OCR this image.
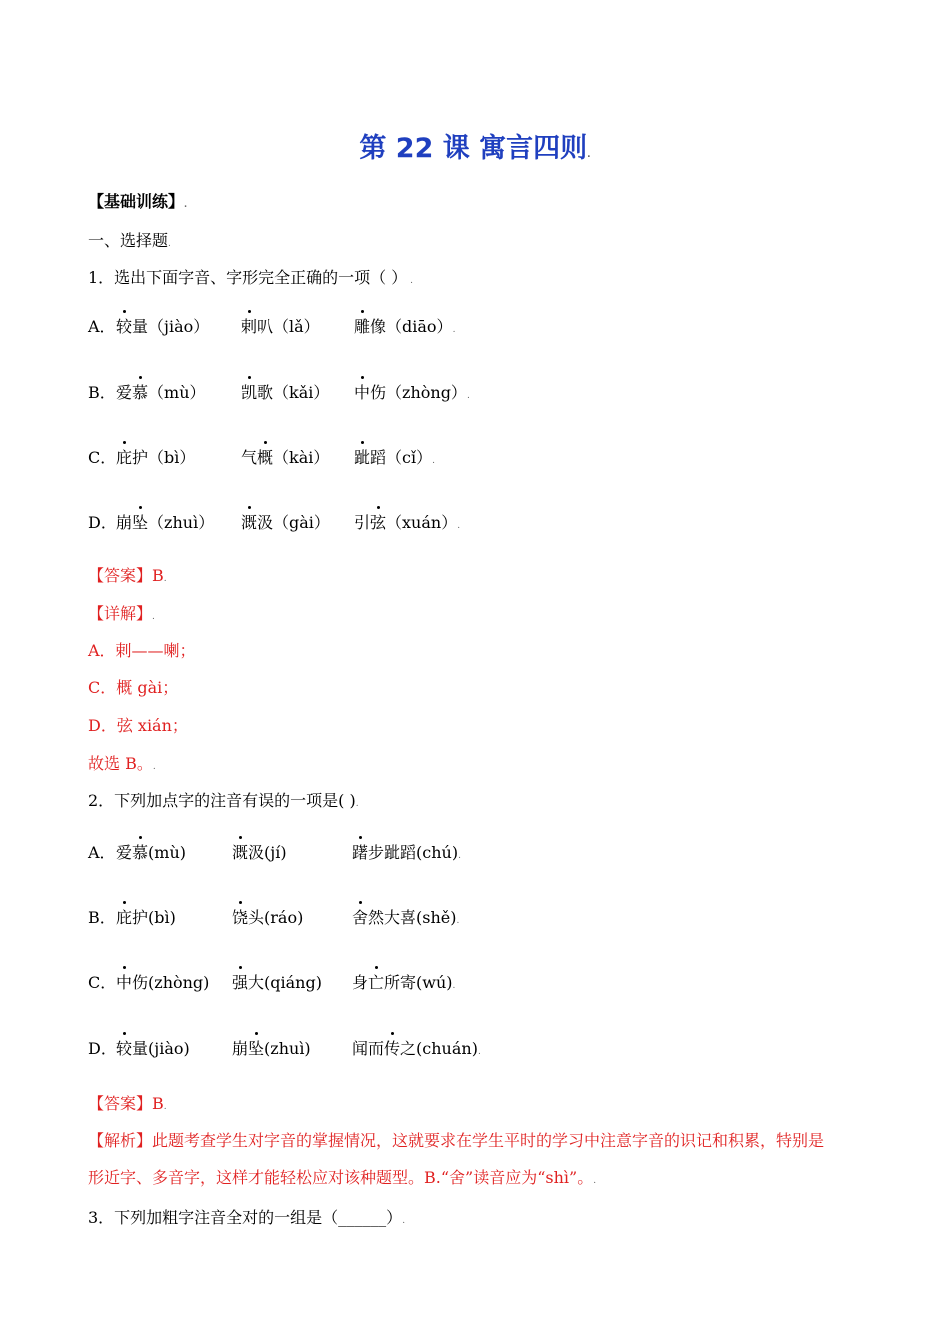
第 22 课 寓言四则.
【基础训练】.
一、选择题.
1．选出下面字音、字形完全正确的一项（ ） .
A． 较量（jiào） 剌叭（lǎ） 雕像（diāo）.
B． 爱慕（mù） 凯歌（kǎi） 中伤（zhòng）.
C． 庇护（bì）	气概（kài） 跐蹈（cǐ）.
D． 崩坠（zhuì） 溉汲（gài） 引弦（xuán）.
【答案】B.
【详解】.
A．剌——喇；
C．概 gài；
D．弦 xián；
故选 B。.
2．下列加点字的注音有误的一项是( ).
A． 爱慕(mù)	溉汲(jí)	躇步跐蹈(chú).
B． 庇护(bì)	饶头(ráo)	舍然大喜(shě).
C． 中伤(zhòng) 强大(qiáng) 身亡所寄(wú).
D． 较量(jiào)	崩坠(zhuì)	闻而传之(chuán).
【答案】B.
【解析】此题考查学生对字音的掌握情况，这就要求在学生平时的学习中注意字音的识记和积累，特别是
形近字、多音字，这样才能轻松应对该种题型。B.“舍”读音应为“shì”。.
3．下列加粗字注音全对的一组是（______）.
